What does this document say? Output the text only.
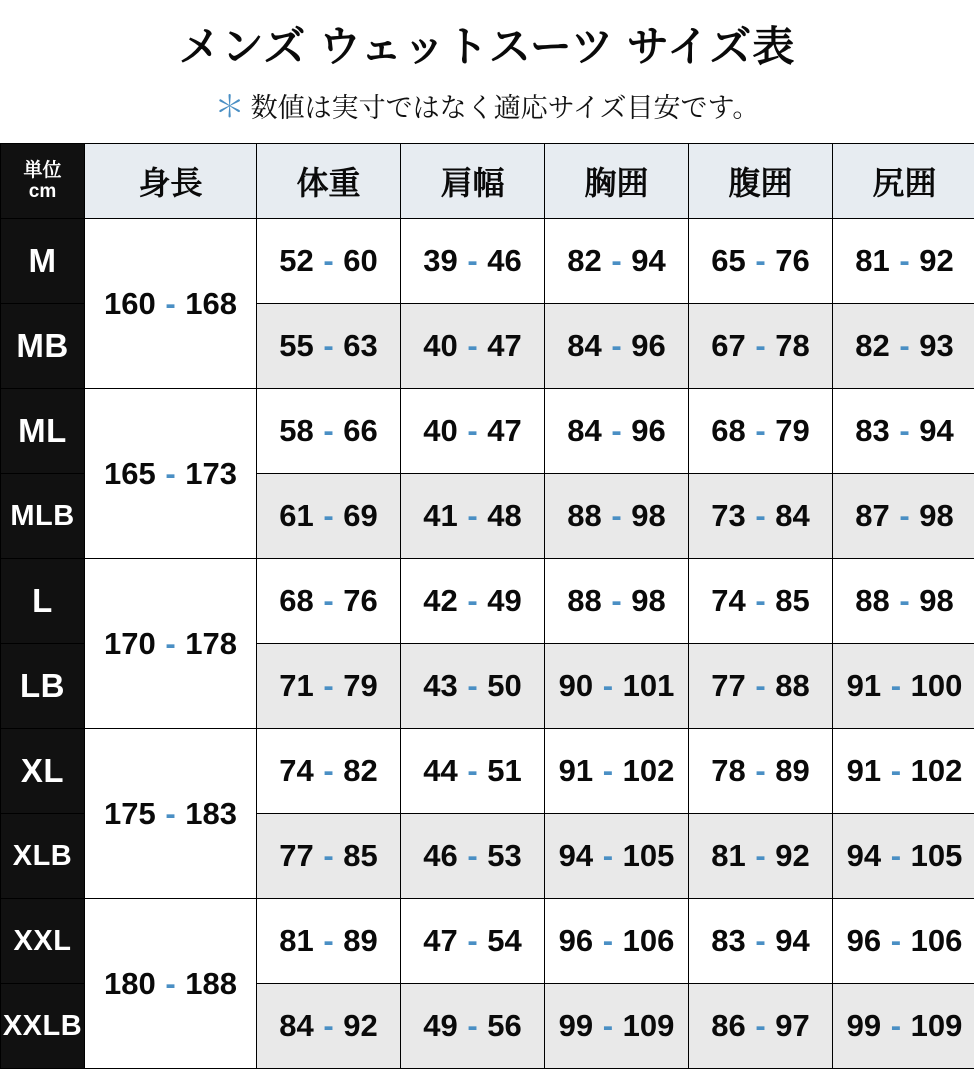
メンズ ウェットスーツ サイズ表
＊ 数値は実寸ではなく適応サイズ目安です。
単位
cm	身長	体重	肩幅	胸囲	腹囲	尻囲
M	160 - 168	52 - 60	39 - 46	82 - 94	65 - 76	81 - 92
MB		55 - 63	40 - 47	84 - 96	67 - 78	82 - 93
ML	165 - 173	58 - 66	40 - 47	84 - 96	68 - 79	83 - 94
MLB		61 - 69	41 - 48	88 - 98	73 - 84	87 - 98
L	170 - 178	68 - 76	42 - 49	88 - 98	74 - 85	88 - 98
LB		71 - 79	43 - 50	90 - 101	77 - 88	91 - 100
XL	175 - 183	74 - 82	44 - 51	91 - 102	78 - 89	91 - 102
XLB		77 - 85	46 - 53	94 - 105	81 - 92	94 - 105
XXL	180 - 188	81 - 89	47 - 54	96 - 106	83 - 94	96 - 106
XXLB		84 - 92	49 - 56	99 - 109	86 - 97	99 - 109
